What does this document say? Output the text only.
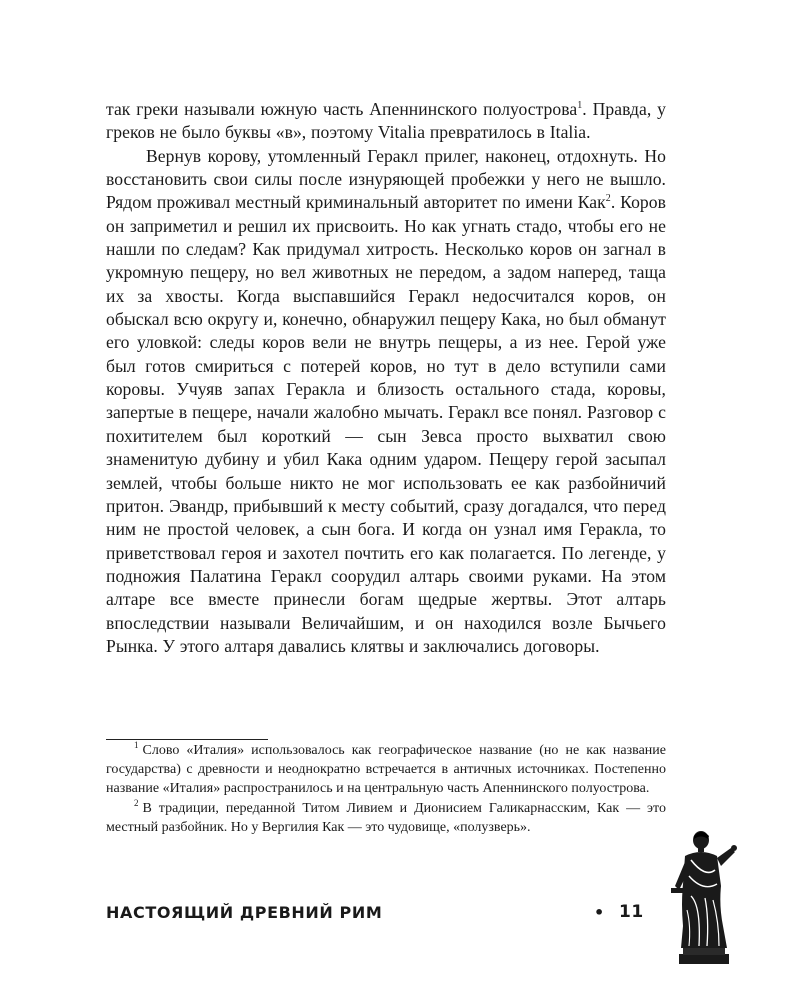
так греки называли южную часть Апеннинского полуострова$^1$. Правда, у греков не было буквы «в», поэтому Vitalia превратилось в Italia.

Вернув корову, утомленный Геракл прилег, наконец, отдохнуть. Но восстановить свои силы после изнуряющей пробежки у него не вышло. Рядом проживал местный криминальный авторитет по имени Как$^2$. Коров он заприметил и решил их присвоить. Но как угнать стадо, чтобы его не нашли по следам? Как придумал хитрость. Несколько коров он загнал в укромную пещеру, но вел животных не передом, а задом наперед, таща их за хвосты. Когда выспавшийся Геракл недосчитался коров, он обыскал всю округу и, конечно, обнаружил пещеру Кака, но был обманут его уловкой: следы коров вели не внутрь пещеры, а из нее. Герой уже был готов смириться с потерей коров, но тут в дело вступили сами коровы. Учуяв запах Геракла и близость остального стада, коровы, запертые в пещере, начали жалобно мычать. Геракл все понял. Разговор с похитителем был короткий — сын Зевса просто выхватил свою знаменитую дубину и убил Кака одним ударом. Пещеру герой засыпал землей, чтобы больше никто не мог использовать ее как разбойничий притон. Эвандр, прибывший к месту событий, сразу догадался, что перед ним не простой человек, а сын бога. И когда он узнал имя Геракла, то приветствовал героя и захотел почтить его как полагается. По легенде, у подножия Палатина Геракл соорудил алтарь своими руками. На этом алтаре все вместе принесли богам щедрые жертвы. Этот алтарь впоследствии называли Величайшим, и он находился возле Бычьего Рынка. У этого алтаря давались клятвы и заключались договоры.

$^1$ Слово «Италия» использовалось как географическое название (но не как название государства) с древности и неоднократно встречается в античных источниках. Постепенно название «Италия» распространилось и на центральную часть Апеннинского полуострова.

$^2$ В традиции, переданной Титом Ливием и Дионисием Галикарнасским, Как — это местный разбойник. Но у Вергилия Как — это чудовище, «полузверь».

НАСТОЯЩИЙ ДРЕВНИЙ РИМ	• 11
